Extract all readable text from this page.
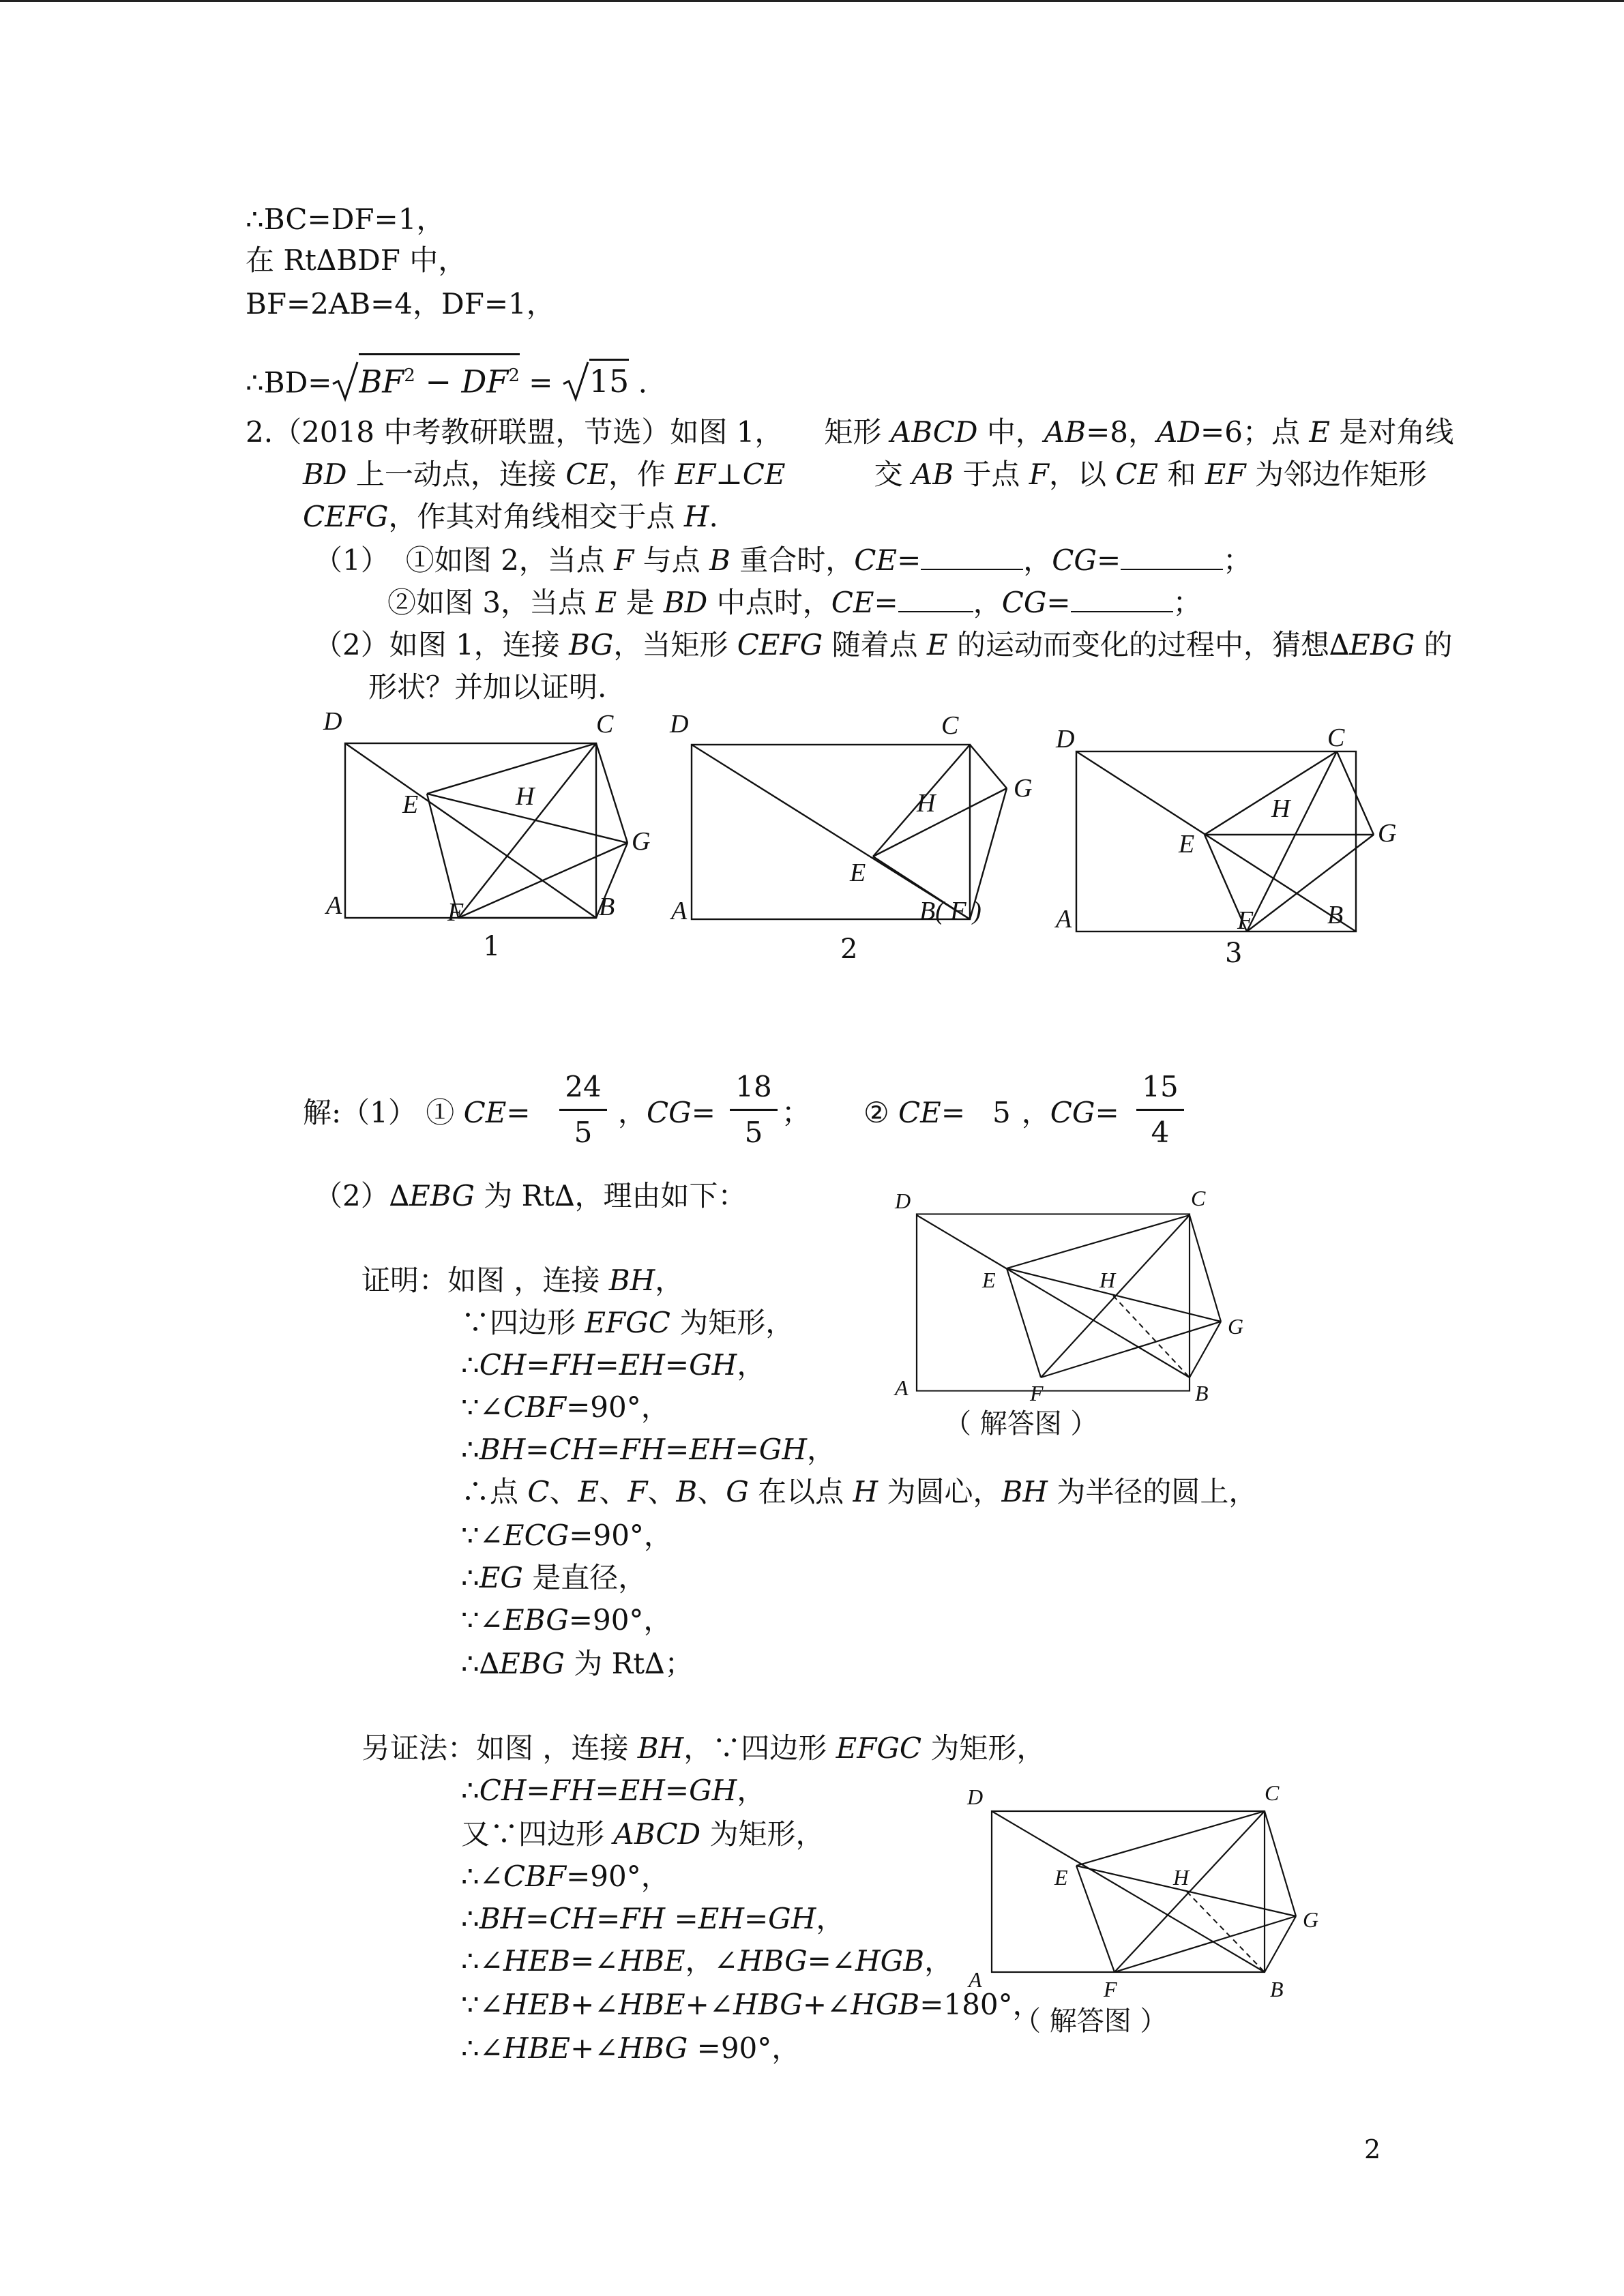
∴BC=DF=1，
在 Rt∆BDF 中，
BF=2AB=4，DF=1，
∴BD= $BF^2 - DF^2 = 15$ .
2.（2018 中考教研联盟，节选）如图 1， 矩形 ABCD 中，AB=8，AD=6；点 E 是对角线
BD 上一动点，连接 CE，作 EF⊥CE	交 AB 于点 F，以 CE 和 EF 为邻边作矩形
CEFG，作其对角线相交于点 H.
（1） ①如图 2，当点 F 与点 B 重合时，CE=	，CG=	；
②如图 3，当点 E 是 BD 中点时，CE=	，CG=	；
（2）如图 1，连接 BG，当矩形 CEFG 随着点 E 的运动而变化的过程中，猜想∆EBG 的
形状？并加以证明.
D	C
E	H
G
A	F	B
1
D	C
H
G
E
A	B( F )
2
D	C
H
E	G
A	F	B
3
解:（1） ① CE=
24
5
，CG=
18
5
； ② CE= 5 ，CG=
15
4
（2）∆EBG 为 Rt∆，理由如下：
证明：如图 ，连接 BH，
∵四边形 EFGC 为矩形，
∴CH=FH=EH=GH，
∵∠CBF=90°，
∴BH=CH=FH=EH=GH，
∴点 C、E、F、B、G 在以点 H 为圆心，BH 为半径的圆上，
∵∠ECG=90°，
∴EG 是直径，
∵∠EBG=90°，
∴∆EBG 为 Rt∆；
D	C
E	H
G
A	F	B
（ 解答图 ）
另证法：如图 ，连接 BH，∵四边形 EFGC 为矩形，
∴CH=FH=EH=GH，
又∵四边形 ABCD 为矩形，
∴∠CBF=90°，
∴BH=CH=FH =EH=GH，
∴∠HEB=∠HBE，∠HBG=∠HGB，
∵∠HEB+∠HBE+∠HBG+∠HGB=180°，
∴∠HBE+∠HBG =90°，
D	C
E	H
G
A	F	B
（ 解答图 ）
2
